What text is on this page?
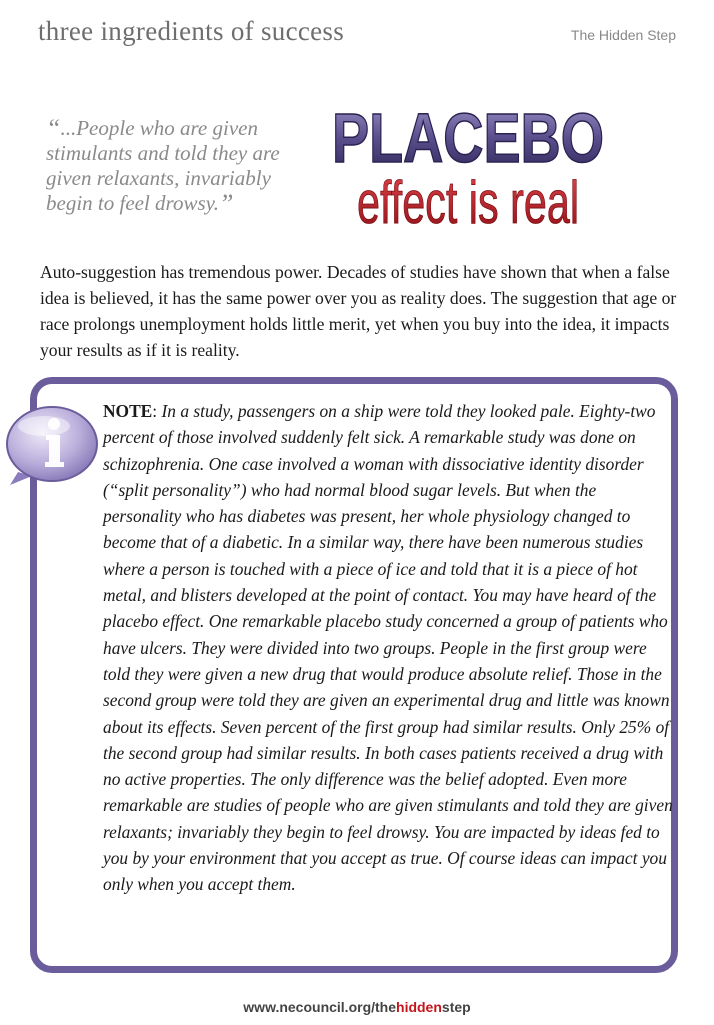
three ingredients of success	The Hidden Step
“...People who are given stimulants and told they are given relaxants, invariably begin to feel drowsy.”
PLACEBO
effect is real
Auto-suggestion has tremendous power. Decades of studies have shown that when a false idea is believed, it has the same power over you as reality does. The suggestion that age or race prolongs unemployment holds little merit, yet when you buy into the idea, it impacts your results as if it is reality.
NOTE: In a study, passengers on a ship were told they looked pale. Eighty-two percent of those involved suddenly felt sick. A remarkable study was done on schizophrenia. One case involved a woman with dissociative identity disorder (“split personality”) who had normal blood sugar levels. But when the personality who has diabetes was present, her whole physiology changed to become that of a diabetic. In a similar way, there have been numerous studies where a person is touched with a piece of ice and told that it is a piece of hot metal, and blisters developed at the point of contact. You may have heard of the placebo effect. One remarkable placebo study concerned a group of patients who have ulcers. They were divided into two groups. People in the first group were told they were given a new drug that would produce absolute relief. Those in the second group were told they are given an experimental drug and little was known about its effects. Seven percent of the first group had similar results. Only 25% of the second group had similar results. In both cases patients received a drug with no active properties. The only difference was the belief adopted. Even more remarkable are studies of people who are given stimulants and told they are given relaxants; invariably they begin to feel drowsy. You are impacted by ideas fed to you by your environment that you accept as true. Of course ideas can impact you only when you accept them.
www.necouncil.org/thehiddenstep
